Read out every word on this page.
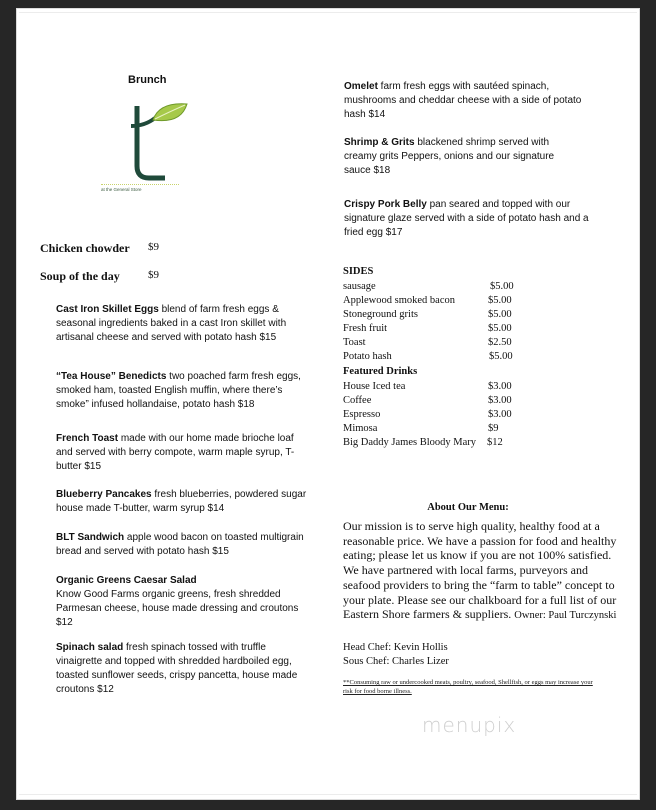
Brunch
at the General Store
Chicken chowder $9
Soup of the day	$9
Cast Iron Skillet Eggs blend of farm fresh eggs & seasonal ingredients baked in a cast Iron skillet with artisanal cheese and served with potato hash $15
“Tea House” Benedicts two poached farm fresh eggs, smoked ham, toasted English muffin, where there’s smoke” infused hollandaise, potato hash $18
French Toast made with our home made brioche loaf and served with berry compote, warm maple syrup, T-butter $15
Blueberry Pancakes fresh blueberries, powdered sugar house made T-butter, warm syrup $14
BLT Sandwich apple wood bacon on toasted multigrain bread and served with potato hash $15
Organic Greens Caesar Salad
Know Good Farms organic greens, fresh shredded Parmesan cheese, house made dressing and croutons $12
Spinach salad fresh spinach tossed with truffle vinaigrette and topped with shredded hardboiled egg, toasted sunflower seeds, crispy pancetta, house made croutons $12
Omelet farm fresh eggs with sautéed spinach, mushrooms and cheddar cheese with a side of potato hash $14
Shrimp & Grits blackened shrimp served with creamy grits Peppers, onions and our signature sauce $18
Crispy Pork Belly pan seared and topped with our signature glaze served with a side of potato hash and a fried egg $17
SIDES
sausage	$5.00
Applewood smoked bacon	$5.00
Stoneground grits	$5.00
Fresh fruit	$5.00
Toast	$2.50
Potato hash	$5.00
Featured Drinks
House Iced tea	$3.00
Coffee	$3.00
Espresso	$3.00
Mimosa	$9
Big Daddy James Bloody Mary $12
About Our Menu:
Our mission is to serve high quality, healthy food at a reasonable price. We have a passion for food and healthy eating; please let us know if you are not 100% satisfied. We have partnered with local farms, purveyors and seafood providers to bring the “farm to table” concept to your plate. Please see our chalkboard for a full list of our Eastern Shore farmers & suppliers. Owner: Paul Turczynski
Head Chef: Kevin Hollis
Sous Chef: Charles Lizer
**Consuming raw or undercooked meats, poultry, seafood, Shellfish, or eggs may increase your risk for food borne illness.
menupix
